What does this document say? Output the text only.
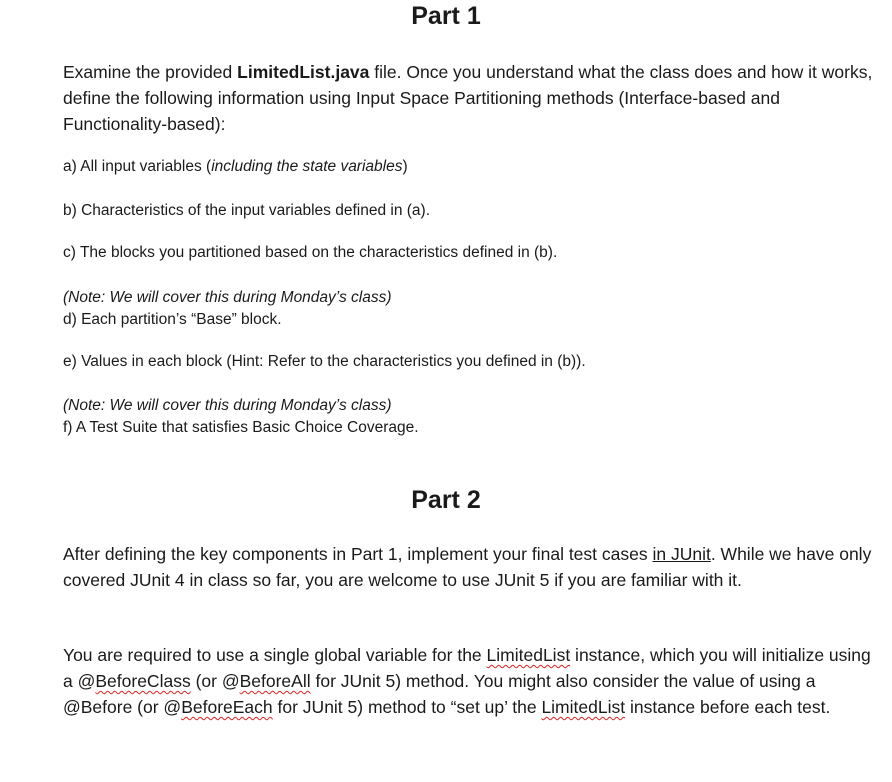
Part 1

Examine the provided LimitedList.java file. Once you understand what the class does and how it works, define the following information using Input Space Partitioning methods (Interface-based and Functionality-based):

a) All input variables (including the state variables)

b) Characteristics of the input variables defined in (a).

c) The blocks you partitioned based on the characteristics defined in (b).

(Note: We will cover this during Monday’s class)

d) Each partition’s “Base” block.

e) Values in each block (Hint: Refer to the characteristics you defined in (b)).

(Note: We will cover this during Monday’s class)

f) A Test Suite that satisfies Basic Choice Coverage.

Part 2

After defining the key components in Part 1, implement your final test cases in JUnit. While we have only covered JUnit 4 in class so far, you are welcome to use JUnit 5 if you are familiar with it.

You are required to use a single global variable for the LimitedList instance, which you will initialize using a @BeforeClass (or @BeforeAll for JUnit 5) method. You might also consider the value of using a @Before (or @BeforeEach for JUnit 5) method to “set up’ the LimitedList instance before each test.
